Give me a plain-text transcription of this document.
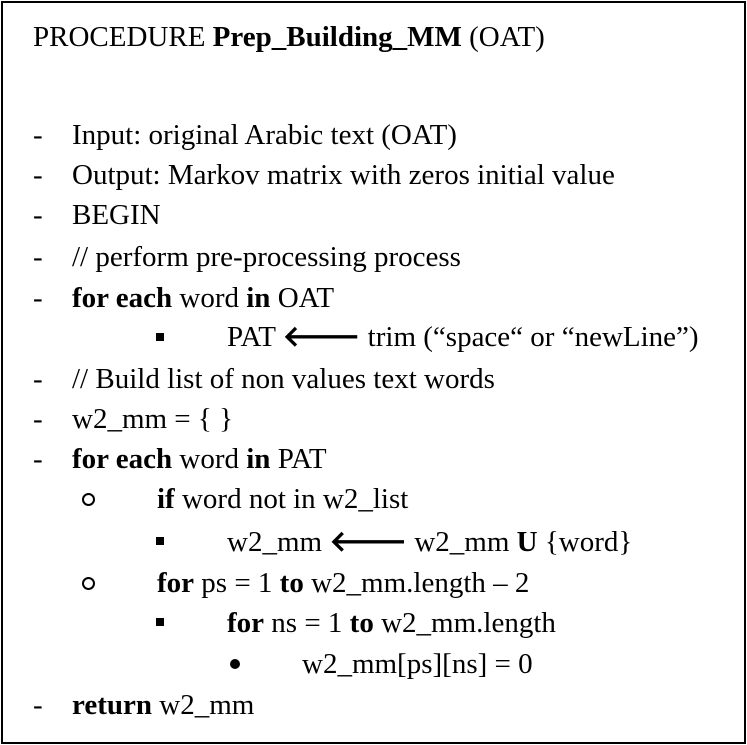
PROCEDURE Prep_Building_MM (OAT)
-
-
-
-
-
-
-
-
-
Input: original Arabic text (OAT)
Output: Markov matrix with zeros initial value
BEGIN
// perform pre-processing process
for each word in OAT
PAT 🡐 trim (“space“ or “newLine”)
// Build list of non values text words
w2_mm = { }
for each word in PAT
if word not in w2_list
w2_mm 🡐 w2_mm U {word}
for ps = 1 to w2_mm.length – 2
for ns = 1 to w2_mm.length
w2_mm[ps][ns] = 0
return w2_mm
